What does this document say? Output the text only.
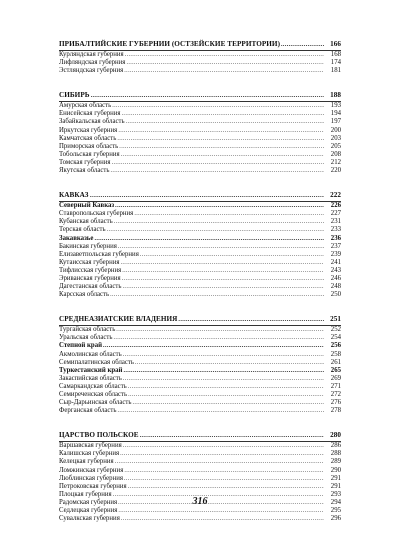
ПРИБАЛТИЙСКИЕ ГУБЕРНИИ (ОСТЗЕЙСКИЕ ТЕРРИТОРИИ) .....	166
Курляндская губерния .....	168
Лифляндская губерния .....	174
Эстляндская губерния .....	181
СИБИРЬ .....	188
Амурская область .....	193
Енисейская губерния .....	194
Забайкальская область .....	197
Иркутская губерния .....	200
Камчатская область .....	203
Приморская область .....	205
Тобольская губерния .....	208
Томская губерния .....	212
Якутская область .....	220
КАВКАЗ .....	222
Северный Кавказ .....	226
Ставропольская губерния .....	227
Кубанская область .....	231
Терская область .....	233
Закавказье .....	236
Бакинская губерния .....	237
Елизаветпольская губерния .....	239
Кутаисская губерния .....	241
Тифлисская губерния .....	243
Эриванская губерния .....	246
Дагестанская область .....	248
Карсская область .....	250
СРЕДНЕАЗИАТСКИЕ ВЛАДЕНИЯ .....	251
Тургайская область .....	252
Уральская область .....	254
Степной край .....	256
Акмолинская область .....	258
Семипалатинская область .....	261
Туркестанский край .....	265
Закаспийская область .....	269
Самаркандская область .....	271
Семиреченская область .....	272
Сыр-Дарьинская область .....	276
Ферганская область .....	278
ЦАРСТВО ПОЛЬСКОЕ .....	280
Варшавская губерния .....	286
Калишская губерния .....	288
Келецкая губерния .....	289
Ломжинская губерния .....	290
Люблинская губерния .....	291
Петроковская губерния .....	291
Плоцкая губерния .....	293
Радомская губерния .....	294
Седлецкая губерния .....	295
Сувалкская губерния .....	296
316
